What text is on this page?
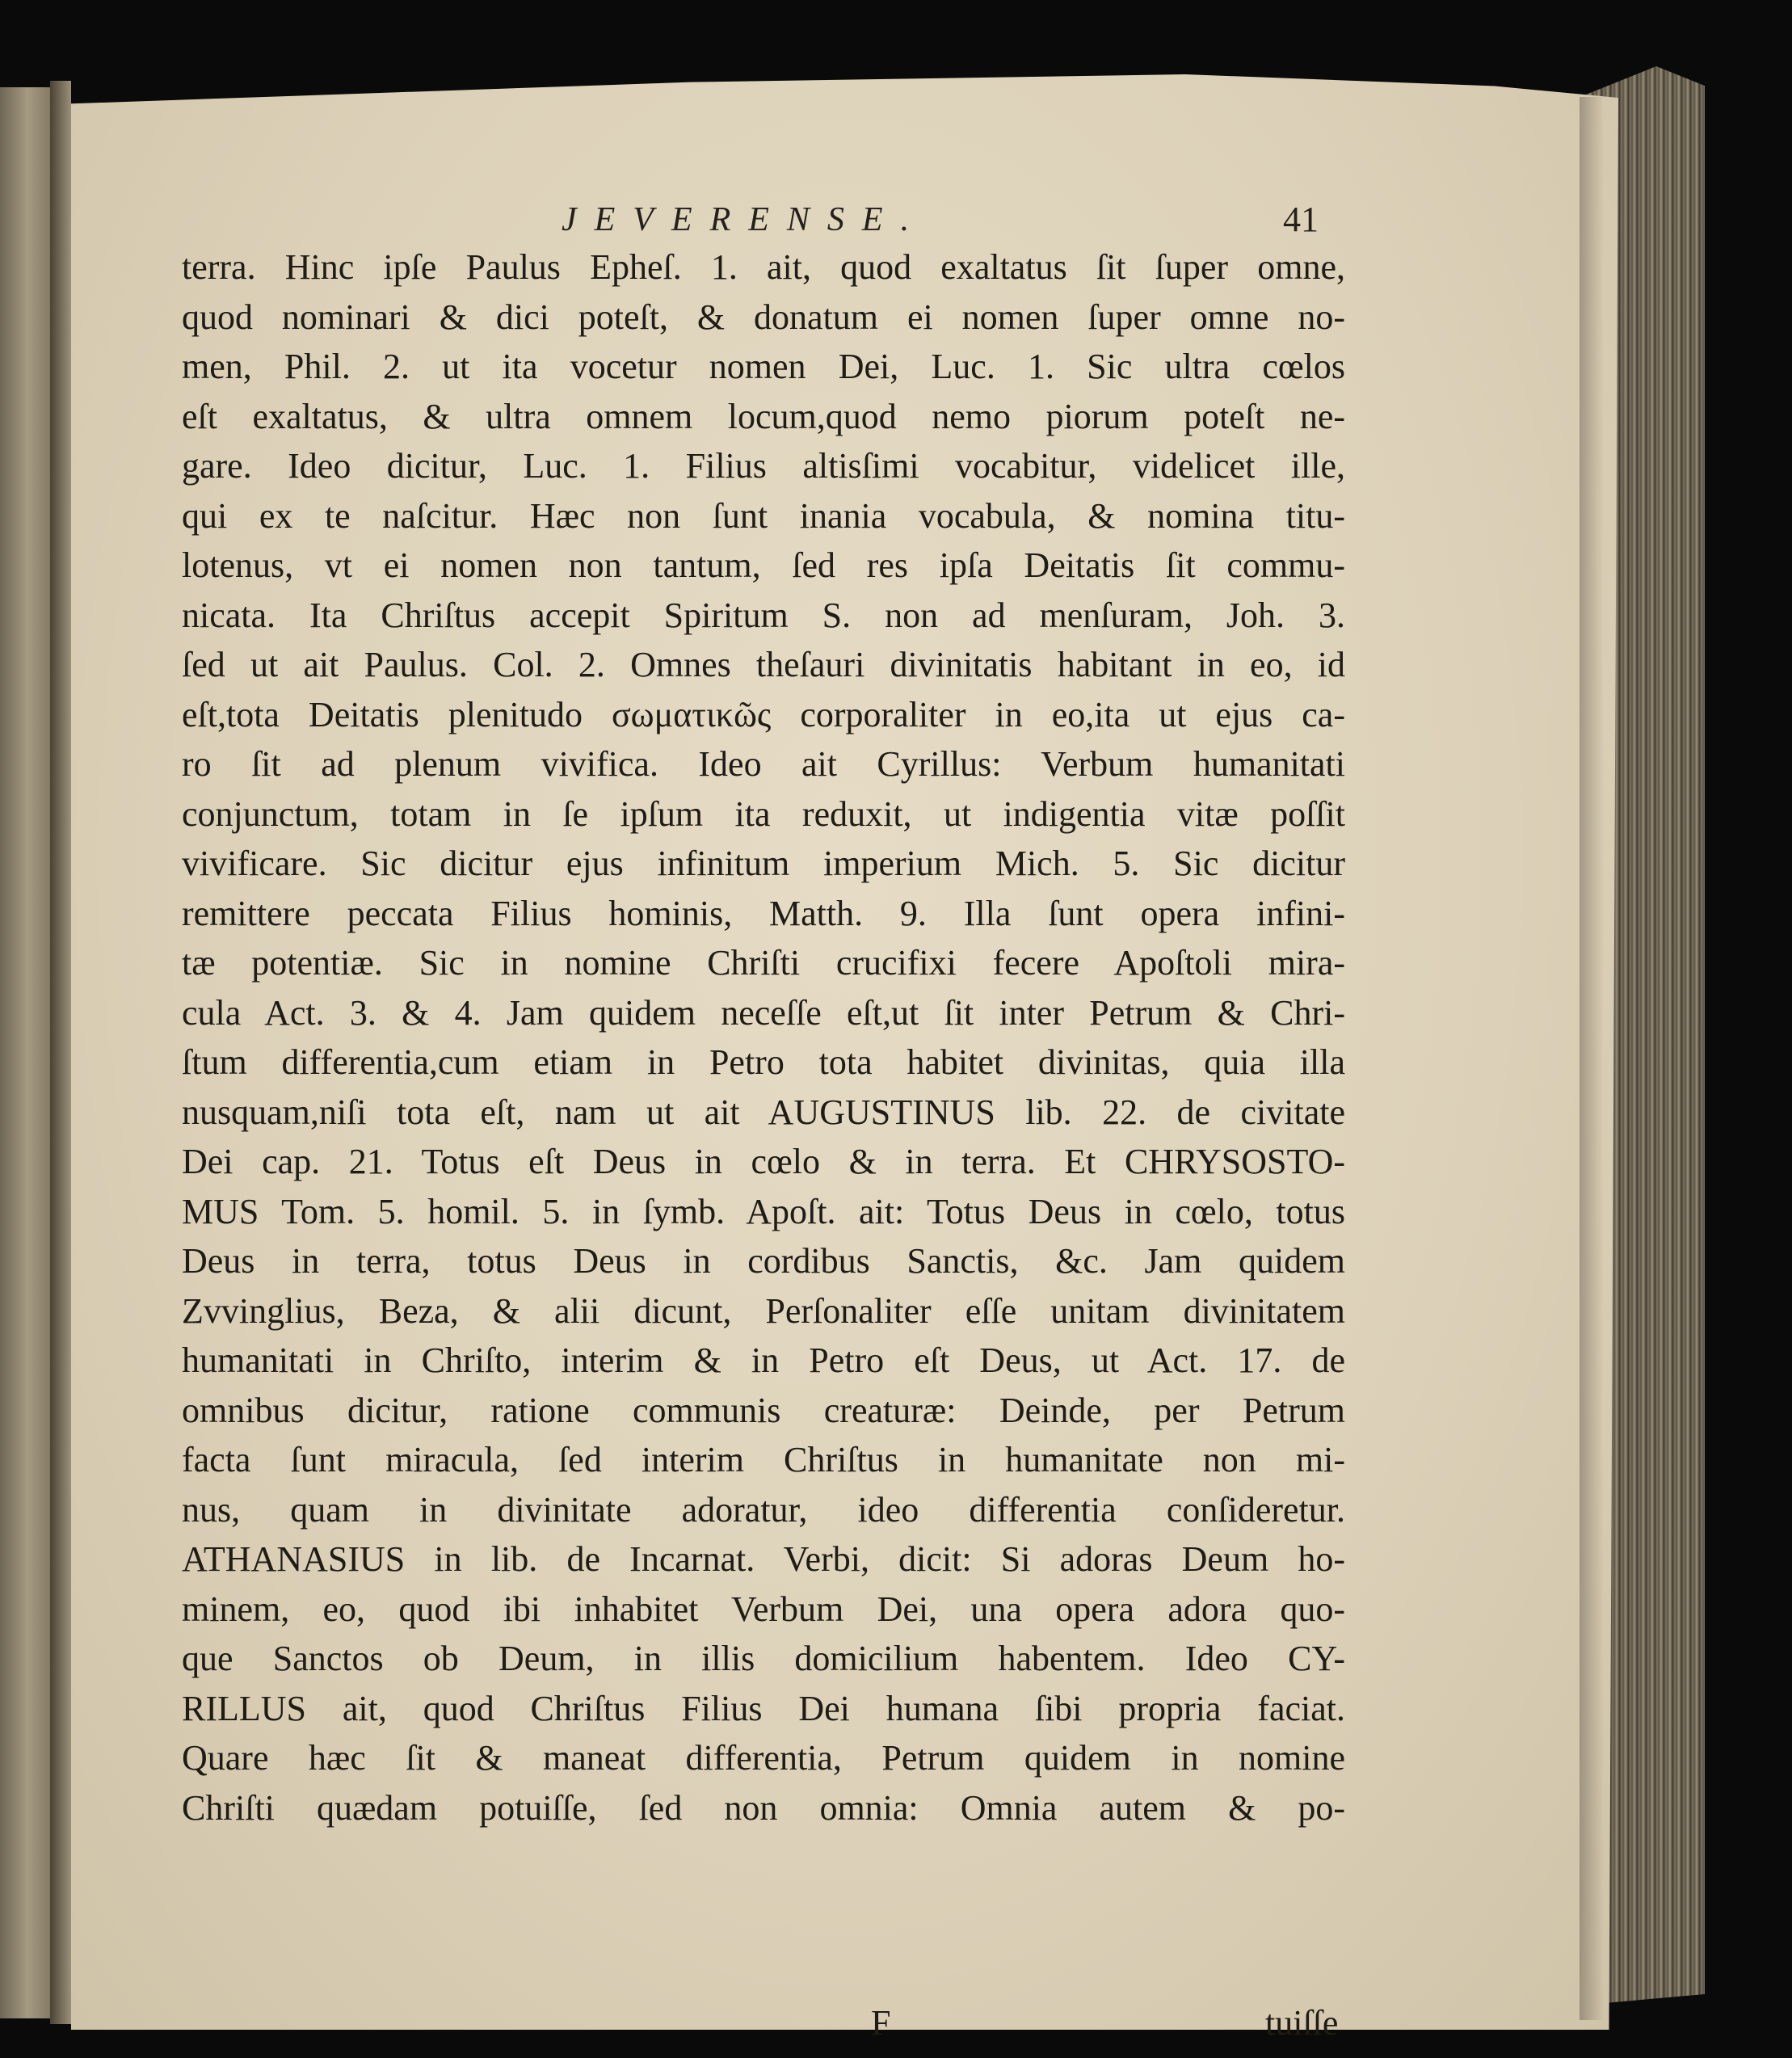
JEVERENSE.	41
terra. Hinc ipſe Paulus Epheſ. 1. ait, quod exaltatus ſit ſuper omne,
quod nominari & dici poteſt, & donatum ei nomen ſuper omne no-
men, Phil. 2. ut ita vocetur nomen Dei, Luc. 1. Sic ultra cœlos
eſt exaltatus, & ultra omnem locum,quod nemo piorum poteſt ne-
gare. Ideo dicitur, Luc. 1. Filius altisſimi vocabitur, videlicet ille,
qui ex te naſcitur. Hæc non ſunt inania vocabula, & nomina titu-
lotenus, vt ei nomen non tantum, ſed res ipſa Deitatis ſit commu-
nicata. Ita Chriſtus accepit Spiritum S. non ad menſuram, Joh. 3.
ſed ut ait Paulus. Col. 2. Omnes theſauri divinitatis habitant in eo, id
eſt,tota Deitatis plenitudo σωματικῶς corporaliter in eo,ita ut ejus ca-
ro ſit ad plenum vivifica. Ideo ait Cyrillus: Verbum humanitati
conjunctum, totam in ſe ipſum ita reduxit, ut indigentia vitæ poſſit
vivificare. Sic dicitur ejus infinitum imperium Mich. 5. Sic dicitur
remittere peccata Filius hominis, Matth. 9. Illa ſunt opera infini-
tæ potentiæ. Sic in nomine Chriſti crucifixi fecere Apoſtoli mira-
cula Act. 3. & 4. Jam quidem neceſſe eſt,ut ſit inter Petrum & Chri-
ſtum differentia,cum etiam in Petro tota habitet divinitas, quia illa
nusquam,niſi tota eſt, nam ut ait AUGUSTINUS lib. 22. de civitate
Dei cap. 21. Totus eſt Deus in cœlo & in terra. Et CHRYSOSTO-
MUS Tom. 5. homil. 5. in ſymb. Apoſt. ait: Totus Deus in cœlo, totus
Deus in terra, totus Deus in cordibus Sanctis, &c. Jam quidem
Zvvinglius, Beza, & alii dicunt, Perſonaliter eſſe unitam divinitatem
humanitati in Chriſto, interim & in Petro eſt Deus, ut Act. 17. de
omnibus dicitur, ratione communis creaturæ: Deinde, per Petrum
facta ſunt miracula, ſed interim Chriſtus in humanitate non mi-
nus, quam in divinitate adoratur, ideo differentia conſideretur.
ATHANASIUS in lib. de Incarnat. Verbi, dicit: Si adoras Deum ho-
minem, eo, quod ibi inhabitet Verbum Dei, una opera adora quo-
que Sanctos ob Deum, in illis domicilium habentem. Ideo CY-
RILLUS ait, quod Chriſtus Filius Dei humana ſibi propria faciat.
Quare hæc ſit & maneat differentia, Petrum quidem in nomine
Chriſti quædam potuiſſe, ſed non omnia: Omnia autem & po-
F	tuiſſe
